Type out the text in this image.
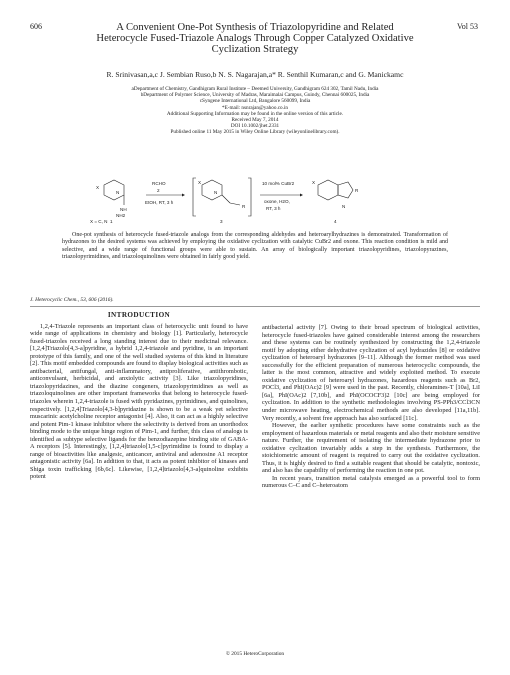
606	Vol 53
A Convenient One-Pot Synthesis of Triazolopyridine and Related Heterocycle Fused-Triazole Analogs Through Copper Catalyzed Oxidative Cyclization Strategy
R. Srinivasan,a,c J. Sembian Ruso,b N. S. Nagarajan,a* R. Senthil Kumaran,c and G. Manickamc
aDepartment of Chemistry, Gandhigram Rural Institute – Deemed University, Gandhigram 624 302, Tamil Nadu, India
bDepartment of Polymer Science, University of Madras, Maraimalai Campus, Guindy, Chennai 600025, India
cSyngene International Ltd, Bangalore 560099, India
*E-mail: nsnrajan@yahoo.co.in
Additional Supporting Information may be found in the online version of this article.
Received May 7, 2014
DOI 10.1002/jhet.2331
Published online 11 May 2015 in Wiley Online Library (wileyonlinelibrary.com).
X
N
NH
NH2
1
X = C, N
RCHO
2
EtOH, RT, 3 h
X
N
R
3
10 mol% CuBr2
oxone, H2O,
RT, 3 h
X
R
N
4
One-pot synthesis of heterocycle fused-triazole analogs from the corresponding aldehydes and heteroarylhydrazines is demonstrated. Transformation of hydrazones to the desired systems was achieved by employing the oxidative cyclization with catalytic CuBr2 and oxone. This reaction condition is mild and selective, and a wide range of functional groups were able to sustain. An array of biologically important triazolopyridines, triazolopyrazines, triazolopyrimidines, and triazoloquinolines were obtained in fairly good yield.
J. Heterocyclic Chem., 53, 606 (2016).

INTRODUCTION

1,2,4-Triazole represents an important class of heterocyclic unit found to have wide range of applications in chemistry and biology [1]. Particularly, heterocycle fused-triazoles received a long standing interest due to their medicinal relevance. [1,2,4]Triazolo[4,3-a]pyridine, a hybrid 1,2,4-triazole and pyridine, is an important prototype of this family, and one of the well studied systems of this kind in literature [2]. This motif embedded compounds are found to display biological activities such as antibacterial, antifungal, anti-inflammatory, antiproliferative, antithrombotic, anticonvulsant, herbicidal, and anxiolytic activity [3]. Like triazolopyridines, triazolopyridazines, and the diazine congeners, triazolopyrimidines as well as triazoloquinolines are other important frameworks that belong to heterocycle fused-triazoles wherein 1,2,4-triazole is fused with pyridazines, pyrimidines, and quinolines, respectively. [1,2,4]Triazolo[4,3-b]pyridazine is shown to be a weak yet selective muscarinic acetylcholine receptor antagonist [4]. Also, it can act as a highly selective and potent Pim-1 kinase inhibitor where the selectivity is derived from an unorthodox binding mode to the unique hinge region of Pim-1, and further, this class of analogs is identified as subtype selective ligands for the benzodiazepine binding site of GABA-A receptors [5]. Interestingly, [1,2,4]triazolo[1,5-c]pyrimidine is found to display a range of bioactivities like analgesic, anticancer, antiviral and adenosine A1 receptor antagonistic activity [6a]. In addition to that, it acts as potent inhibitor of kinases and Shiga toxin trafficking [6b,6c]. Likewise, [1,2,4]triazolo[4,3-a]quinoline exhibits potent

antibacterial activity [7]. Owing to their broad spectrum of biological activities, heterocycle fused-triazoles have gained considerable interest among the researchers and these systems can be routinely synthesized by constructing the 1,2,4-triazole motif by adopting either dehydrative cyclization of acyl hydrazides [8] or oxidative cyclization of heteroaryl hydrazones [9–11]. Although the former method was used successfully for the efficient preparation of numerous heterocyclic compounds, the latter is the most common, attractive and widely exploited method. To execute oxidative cyclization of heteroaryl hydrazones, hazardous reagents such as Br2, POCl3, and PhI(OAc)2 [9] were used in the past. Recently, chloramines-T [10a], LiI [6a], PhI(OAc)2 [7,10b], and PhI(OCOCF3)2 [10c] are being employed for cyclization. In addition to the synthetic methodologies involving PS-PPh3/CCl3CN under microwave heating, electrochemical methods are also developed [11a,11b]. Very recently, a solvent free approach has also surfaced [11c].

However, the earlier synthetic procedures have some constraints such as the employment of hazardous materials or metal reagents and also their moisture sensitive nature. Further, the requirement of isolating the intermediate hydrazone prior to oxidative cyclization invariably adds a step in the synthesis. Furthermore, the stoichiometric amount of reagent is required to carry out the oxidative cyclization. Thus, it is highly desired to find a suitable reagent that should be catalytic, nontoxic, and also has the capability of performing the reaction in one pot.

In recent years, transition metal catalysis emerged as a powerful tool to form numerous C–C and C–heteroatom

© 2015 HeteroCorporation
